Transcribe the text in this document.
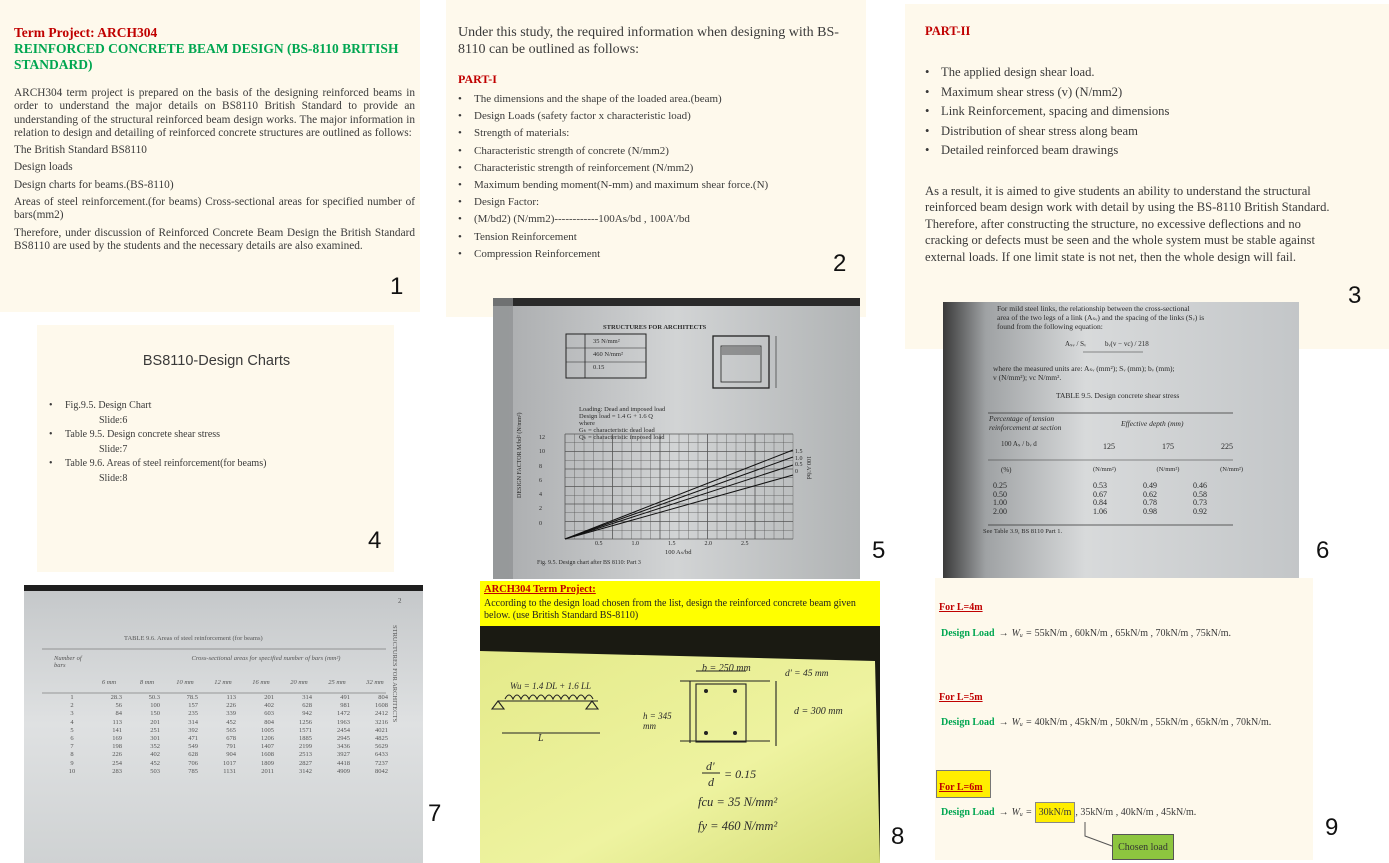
Term Project: ARCH304
REINFORCED CONCRETE BEAM DESIGN (BS-8110 BRITISH STANDARD)

ARCH304 term project is prepared on the basis of the designing reinforced beams in order to understand the major details on BS8110 British Standard to provide an understanding of the structural reinforced beam design works. The major information in relation to design and detailing of reinforced concrete structures are outlined as follows:

The British Standard BS8110

Design loads

Design charts for beams.(BS-8110)

Areas of steel reinforcement.(for beams) Cross-sectional areas for specified number of bars(mm2)

Therefore, under discussion of Reinforced Concrete Beam Design the British Standard BS8110 are used by the students and the necessary details are also examined.

1
Under this study, the required information when designing with BS-8110 can be outlined as follows:
PART-I
• The dimensions and the shape of the loaded area.(beam)
• Design Loads (safety factor x characteristic load)
• Strength of materials:
• Characteristic strength of concrete (N/mm2)
• Characteristic strength of reinforcement (N/mm2)
• Maximum bending moment(N-mm) and maximum shear force.(N)
• Design Factor:
• (M/bd2) (N/mm2)------------100As/bd , 100A'/bd
• Tension Reinforcement
• Compression Reinforcement	2
PART-II
• The applied design shear load.
• Maximum shear stress (v) (N/mm2)
• Link Reinforcement, spacing and dimensions
• Distribution of shear stress along beam
• Detailed reinforced beam drawings

As a result, it is aimed to give students an ability to understand the structural reinforced beam design work with detail by using the BS-8110 British Standard. Therefore, after constructing the structure, no excessive deflections and no cracking or defects must be seen and the whole system must be stable against external loads. If one limit state is not net, then the whole design will fail.

3
BS8110-Design Charts
• Fig.9.5. Design Chart
Slide:6
• Table 9.5. Design concrete shear stress
Slide:7
• Table 9.6. Areas of steel reinforcement(for beams)
Slide:8
4
STRUCTURES FOR ARCHITECTS
35 N/mm²
460 N/mm²
0.15
Loading: Dead and imposed load
Design load = 1.4 G + 1.6 Q
where
Gₖ = characteristic dead load
Qₖ = characteristic imposed load
DESIGN FACTOR M/bd² (N/mm²)
100 Aₛ/bd
100 A'/bd
12
10
8
6
4
2
0
0.5	1.0	1.5	2.0	2.5
1.5
1.0
0.5
0
Fig. 9.5. Design chart after BS 8110: Part 3	5
For mild steel links, the relationship between the cross-sectional
area of the two legs of a link (Aₛᵥ) and the spacing of the links (Sᵥ) is
found from the following equation:
Aₛᵥ / Sᵥ	bᵥ(v − vc) / 218
where the measured units are: Aₛᵥ (mm²); Sᵥ (mm); bᵥ (mm);
v (N/mm²); vc N/mm².
TABLE 9.5. Design concrete shear stress
Percentage of tension reinforcement at section	Effective depth (mm)
100 Aₛ / bᵥ d	125	175	225
(%)	(N/mm²)	(N/mm²)	(N/mm²)
0.25	0.53	0.49	0.46
0.50	0.67	0.62	0.58
1.00	0.84	0.78	0.73
2.00	1.06	0.98	0.92
See Table 3.9, BS 8110 Part 1.
6
TABLE 9.6. Areas of steel reinforcement (for beams)
Cross-sectional areas for specified number of bars (mm²)
Number of bars	STRUCTURES FOR ARCHITECTS
2
6 mm	8 mm	10 mm	12 mm	16 mm	20 mm	25 mm	32 mm
1	28.3	50.3	78.5	113	201	314	491	804
2	56	100	157	226	402	628	981	1608
3	84	150	235	339	603	942	1472	2412
4	113	201	314	452	804	1256	1963	3216
5	141	251	392	565	1005	1571	2454	4021
6	169	301	471	678	1206	1885	2945	4825
7	198	352	549	791	1407	2199	3436	5629
8	226	402	628	904	1608	2513	3927	6433
9	254	452	706	1017	1809	2827	4418	7237
10	283	503	785	1131	2011	3142	4909	8042
7
ARCH304 Term Project:
According to the design load chosen from the list, design the reinforced concrete beam given below. (use British Standard BS-8110)
Wu = 1.4 DL + 1.6 LL
L
b = 250 mm	d' = 45 mm
h = 345 mm
d = 300 mm
d'
d
= 0.15
fcu = 35 N/mm²
fy = 460 N/mm²	8
For L=4m
Design Load → Wᵤ = 55kN/m , 60kN/m , 65kN/m , 70kN/m , 75kN/m.
For L=5m
Design Load → Wᵤ = 40kN/m , 45kN/m , 50kN/m , 55kN/m , 65kN/m , 70kN/m.
For L=6m
Design Load → Wᵤ = 30kN/m , 35kN/m , 40kN/m , 45kN/m.
Chosen load
9
